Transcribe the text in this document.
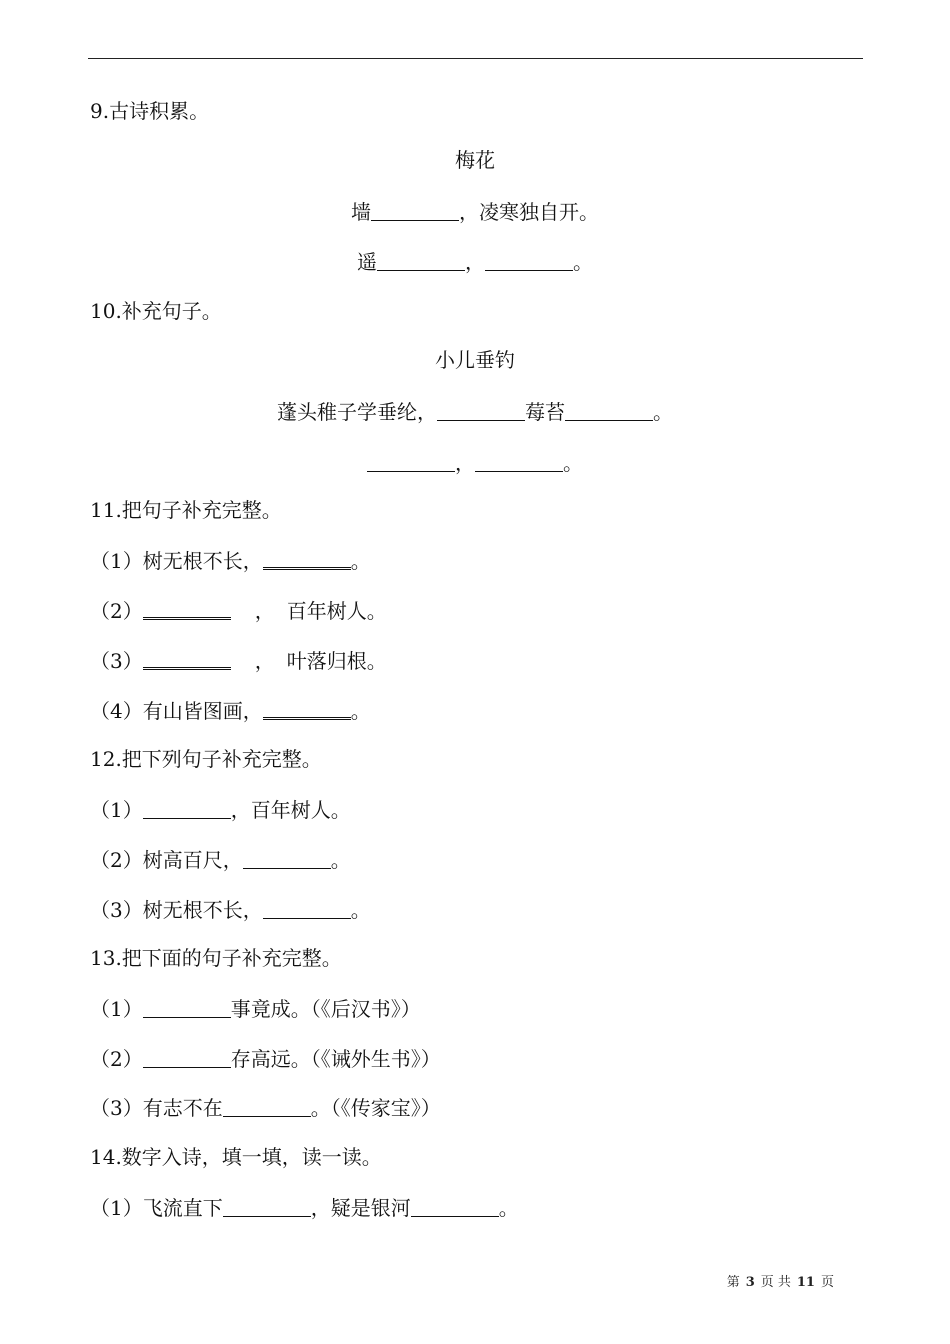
9.古诗积累。
梅花
墙	，凌寒独自开。
遥	，	。
10.补充句子。
小儿垂钓
蓬头稚子学垂纶，	莓苔	。
，	。
11.把句子补充完整。
（1）树无根不长，	。
（2）	， 百年树人。
（3）	， 叶落归根。
（4）有山皆图画，	。
12.把下列句子补充完整。
（1）	，百年树人。
（2）树高百尺，	。
（3）树无根不长，	。
13.把下面的句子补充完整。
（1）	事竟成。（《后汉书》）
（2）	存高远。（《诫外生书》）
（3）有志不在	。（《传家宝》）
14.数字入诗，填一填，读一读。
（1）飞流直下	，疑是银河	。
第 3 页 共 11 页
